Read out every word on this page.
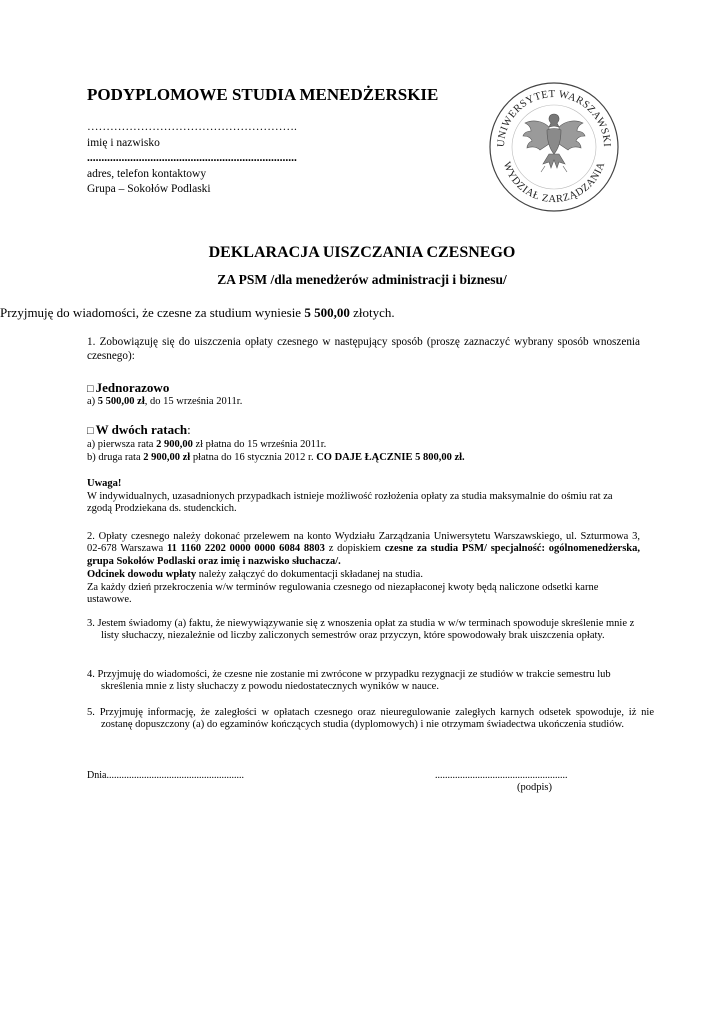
PODYPLOMOWE STUDIA MENEDŻERSKIE
……………………………………………….
imię i nazwisko
.........................................................................
adres, telefon kontaktowy
Grupa – Sokołów Podlaski
UNIWERSYTET WARSZAWSKI
WYDZIAŁ ZARZĄDZANIA
DEKLARACJA UISZCZANIA CZESNEGO
ZA PSM /dla menedżerów administracji i biznesu/
Przyjmuję do wiadomości, że czesne za studium wyniesie 5 500,00 złotych.
1. Zobowiązuję się do uiszczenia opłaty czesnego w następujący sposób (proszę zaznaczyć wybrany sposób wnoszenia czesnego):
□ Jednorazowo
a) 5 500,00 zł, do 15 września 2011r.
□ W dwóch ratach:
a) pierwsza rata 2 900,00 zł płatna do 15 września 2011r.
b) druga rata 2 900,00 zł płatna do 16 stycznia 2012 r. CO DAJE ŁĄCZNIE 5 800,00 zł.
Uwaga!
W indywidualnych, uzasadnionych przypadkach istnieje możliwość rozłożenia opłaty za studia maksymalnie do ośmiu rat za zgodą Prodziekana ds. studenckich.
2. Opłaty czesnego należy dokonać przelewem na konto Wydziału Zarządzania Uniwersytetu Warszawskiego, ul. Szturmowa 3, 02-678 Warszawa 11 1160 2202 0000 0000 6084 8803 z dopiskiem czesne za studia PSM/ specjalność: ogólnomenedżerska, grupa Sokołów Podlaski oraz imię i nazwisko słuchacza/.
Odcinek dowodu wpłaty należy załączyć do dokumentacji składanej na studia.
Za każdy dzień przekroczenia w/w terminów regulowania czesnego od niezapłaconej kwoty będą naliczone odsetki karne ustawowe.
3. Jestem świadomy (a) faktu, że niewywiązywanie się z wnoszenia opłat za studia w w/w terminach spowoduje skreślenie mnie z listy słuchaczy, niezależnie od liczby zaliczonych semestrów oraz przyczyn, które spowodowały brak uiszczenia opłaty.
4. Przyjmuję do wiadomości, że czesne nie zostanie mi zwrócone w przypadku rezygnacji ze studiów w trakcie semestru lub skreślenia mnie z listy słuchaczy z powodu niedostatecznych wyników w nauce.
5. Przyjmuję informację, że zaległości w opłatach czesnego oraz nieuregulowanie zaległych karnych odsetek spowoduje, iż nie zostanę dopuszczony (a) do egzaminów kończących studia (dyplomowych) i nie otrzymam świadectwa ukończenia studiów.
Dnia.......................................................	.....................................................
(podpis)
